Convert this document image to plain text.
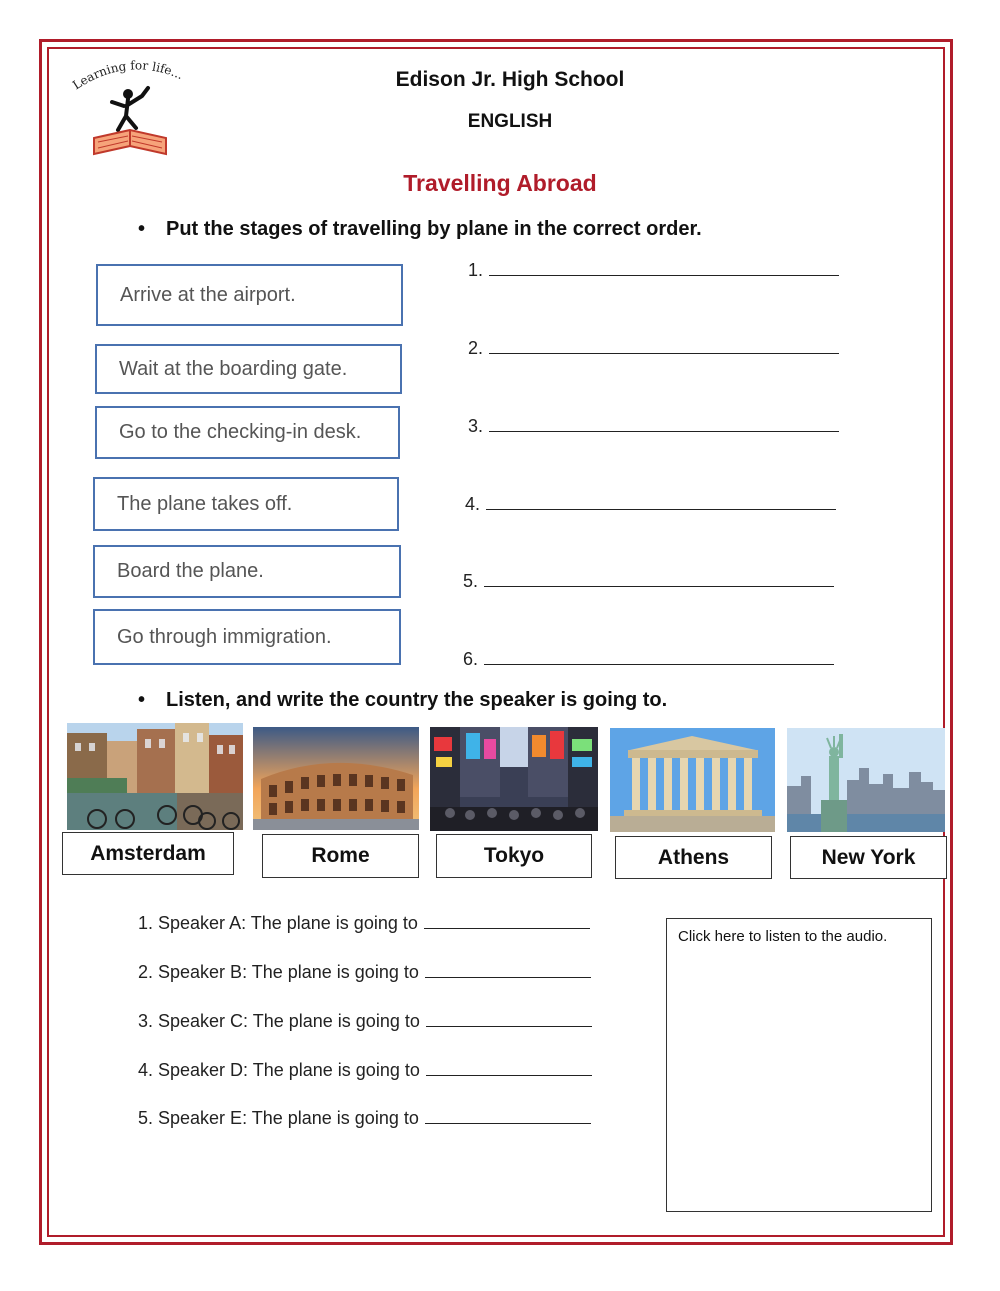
Learning for life...	Edison Jr. High School
ENGLISH
Travelling Abroad
• Put the stages of travelling by plane in the correct order.
Arrive at the airport.
Wait at the boarding gate.
Go to the checking-in desk.
The plane takes off.
Board the plane.
Go through immigration.
1.
2.
3.
4.
5.
6.
• Listen, and write the country the speaker is going to.
Amsterdam	Rome	Tokyo	Athens	New York
1. Speaker A: The plane is going to
2. Speaker B: The plane is going to
3. Speaker C: The plane is going to
4. Speaker D: The plane is going to
5. Speaker E: The plane is going to
Click here to listen to the audio.
